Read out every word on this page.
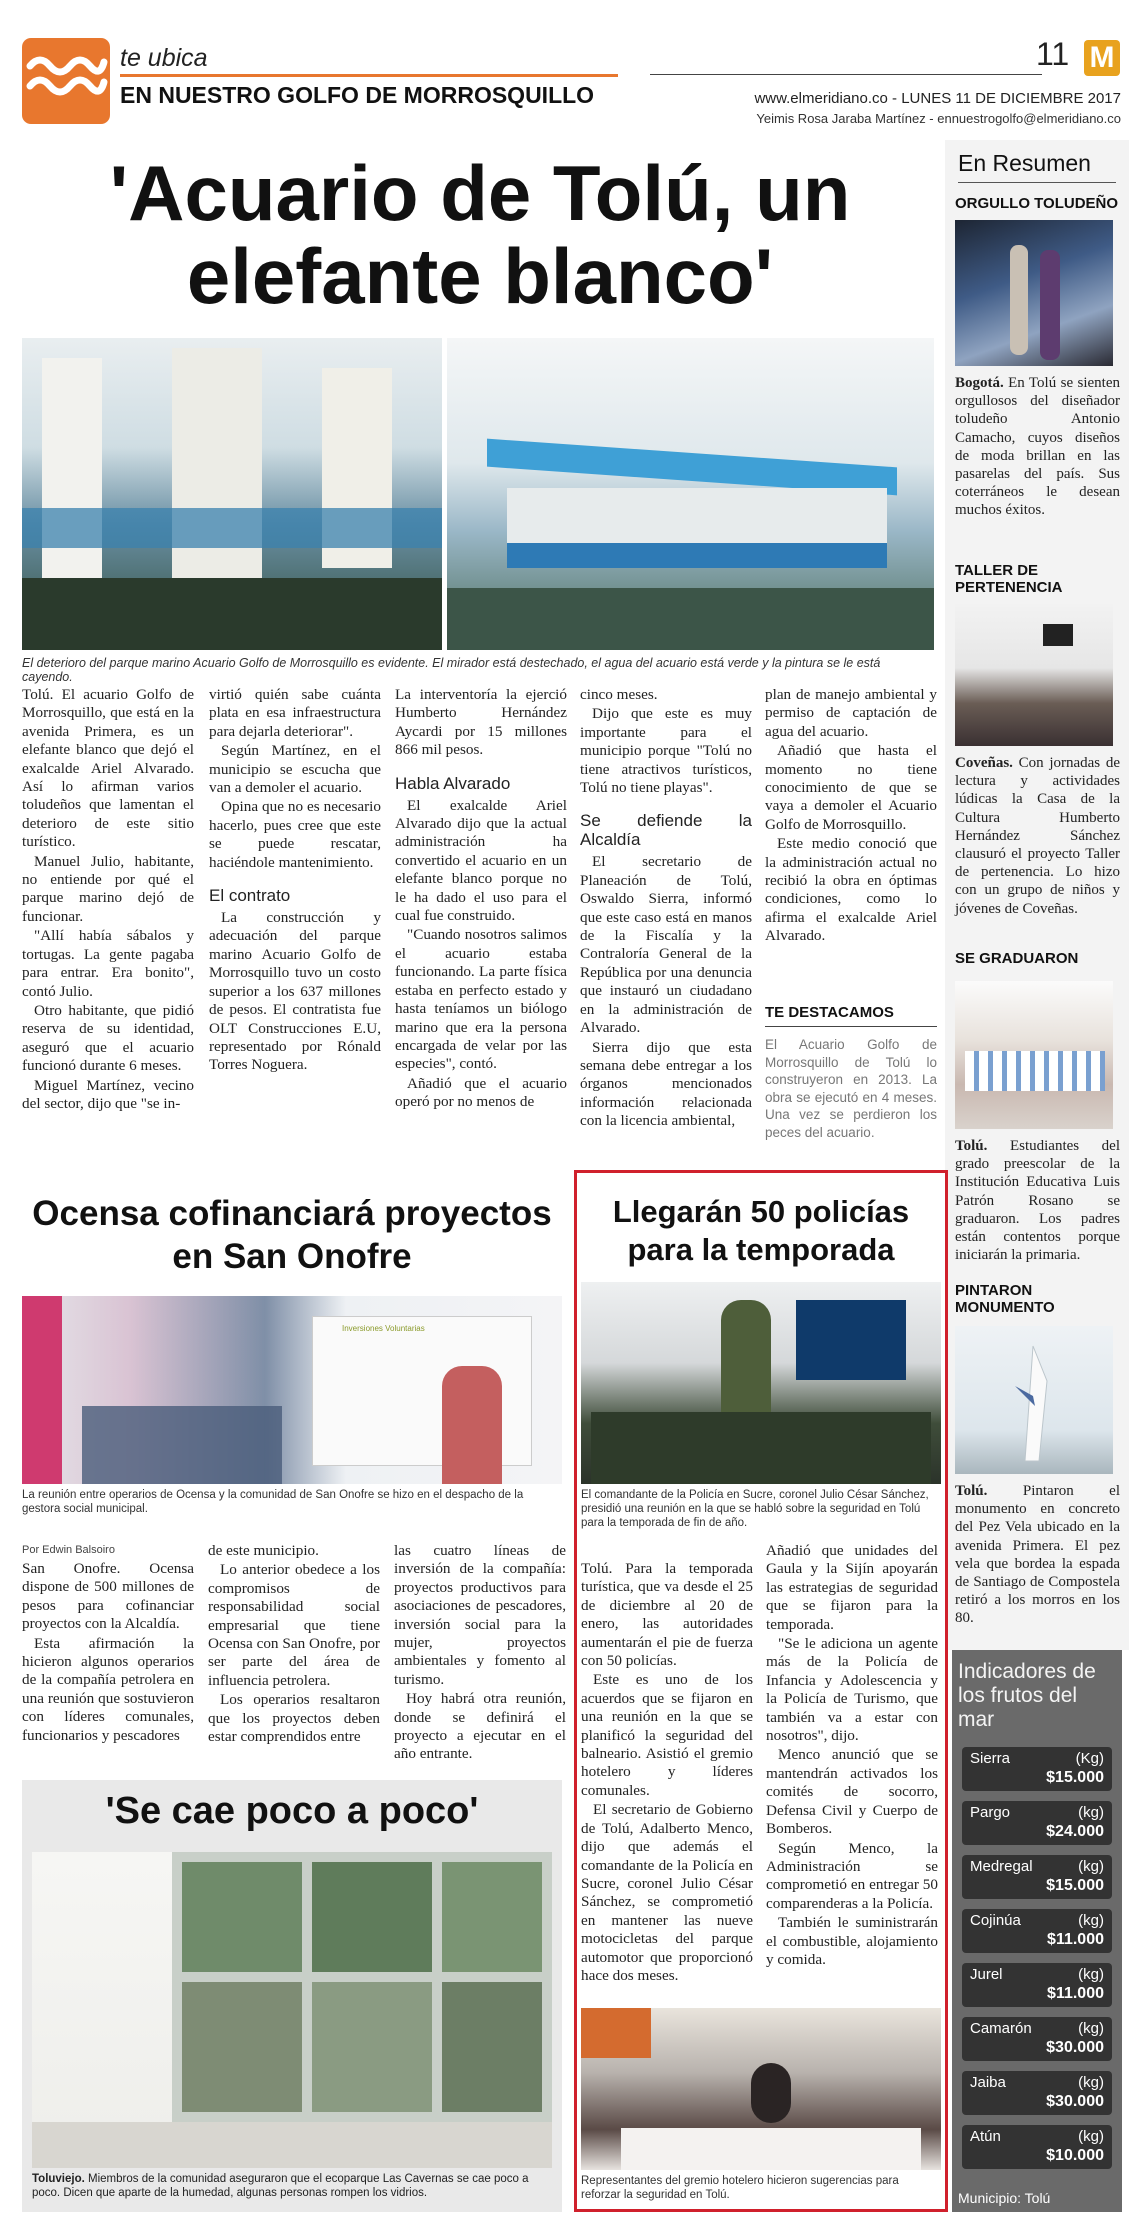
te ubica
EN NUESTRO GOLFO DE MORROSQUILLO
11 M
www.elmeridiano.co - LUNES 11 DE DICIEMBRE 2017
Yeimis Rosa Jaraba Martínez - ennuestrogolfo@elmeridiano.co
'Acuario de Tolú, un elefante blanco'
El deterioro del parque marino Acuario Golfo de Morrosquillo es evidente. El mirador está destechado, el agua del acuario está verde y la pintura se le está cayendo.

Tolú. El acuario Golfo de Morrosquillo, que está en la avenida Primera, es un elefante blanco que dejó el exalcalde Ariel Alvarado. Así lo afirman varios toludeños que lamentan el deterioro de este sitio turístico.

Manuel Julio, habitante, no entiende por qué el parque marino dejó de funcionar.

"Allí había sábalos y tortugas. La gente pagaba para entrar. Era bonito", contó Julio.

Otro habitante, que pidió reserva de su identidad, aseguró que el acuario funcionó durante 6 meses.

Miguel Martínez, vecino del sector, dijo que "se in-

virtió quién sabe cuánta plata en esa infraestructura para dejarla deteriorar".

Según Martínez, en el municipio se escucha que van a demoler el acuario.

Opina que no es necesario hacerlo, pues cree que este se puede rescatar, haciéndole mantenimiento.

El contrato

La construcción y adecuación del parque marino Acuario Golfo de Morrosquillo tuvo un costo superior a los 637 millones de pesos. El contratista fue OLT Construcciones E.U, representado por Rónald Torres Noguera.

La interventoría la ejerció Humberto Hernández Aycardi por 15 millones 866 mil pesos.

Habla Alvarado

El exalcalde Ariel Alvarado dijo que la actual administración ha convertido el acuario en un elefante blanco porque no le ha dado el uso para el cual fue construido.

"Cuando nosotros salimos el acuario estaba funcionando. La parte física estaba en perfecto estado y hasta teníamos un biólogo marino que era la persona encargada de velar por las especies", contó.

Añadió que el acuario operó por no menos de

cinco meses.

Dijo que este es muy importante para el municipio porque "Tolú no tiene atractivos turísticos, Tolú no tiene playas".

Se defiende la Alcaldía

El secretario de Planeación de Tolú, Oswaldo Sierra, informó que este caso está en manos de la Fiscalía y la Contraloría General de la República por una denuncia que instauró un ciudadano en la administración de Alvarado.

Sierra dijo que esta semana debe entregar a los órganos mencionados información relacionada con la licencia ambiental,

plan de manejo ambiental y permiso de captación de agua del acuario.

Añadió que hasta el momento no tiene conocimiento de que se vaya a demoler el Acuario Golfo de Morrosquillo.

Este medio conoció que la administración actual no recibió la obra en óptimas condiciones, como lo afirma el exalcalde Ariel Alvarado.

TE DESTACAMOS
El Acuario Golfo de Morrosquillo de Tolú lo construyeron en 2013. La obra se ejecutó en 4 meses. Una vez se perdieron los peces del acuario.
En Resumen
ORGULLO TOLUDEÑO
Bogotá. En Tolú se sienten orgullosos del diseñador toludeño Antonio Camacho, cuyos diseños de moda brillan en las pasarelas del país. Sus coterráneos le desean muchos éxitos.
TALLER DE PERTENENCIA
Coveñas. Con jornadas de lectura y actividades lúdicas la Casa de la Cultura Humberto Hernández Sánchez clausuró el proyecto Taller de pertenencia. Lo hizo con un grupo de niños y jóvenes de Coveñas.
SE GRADUARON
Tolú. Estudiantes del grado preescolar de la Institución Educativa Luis Patrón Rosano se graduaron. Los padres están contentos porque iniciarán la primaria.
PINTARON MONUMENTO
Tolú. Pintaron el monumento en concreto del Pez Vela ubicado en la avenida Primera. El pez vela que bordea la espada de Santiago de Compostela retiró a los morros en los 80.
Indicadores de los frutos del mar
Sierra	(Kg)
$15.000
Pargo	(kg)
$24.000
Medregal	(kg)
$15.000
Cojinúa	(kg)
$11.000
Jurel	(kg)
$11.000
Camarón	(kg)
$30.000
Jaiba	(kg)
$30.000
Atún	(kg)
$10.000
Municipio: Tolú
Ocensa cofinanciará proyectos en San Onofre
Inversiones Voluntarias
La reunión entre operarios de Ocensa y la comunidad de San Onofre se hizo en el despacho de la gestora social municipal.
Por Edwin Balsoiro

San Onofre. Ocensa dispone de 500 millones de pesos para cofinanciar proyectos con la Alcaldía.

Esta afirmación la hicieron algunos operarios de la compañía petrolera en una reunión que sostuvieron con líderes comunales, funcionarios y pescadores

de este municipio.

Lo anterior obedece a los compromisos de responsabilidad social empresarial que tiene Ocensa con San Onofre, por ser parte del área de influencia petrolera.

Los operarios resaltaron que los proyectos deben estar comprendidos entre

las cuatro líneas de inversión de la compañía: proyectos productivos para asociaciones de pescadores, inversión social para la mujer, proyectos ambientales y fomento al turismo.

Hoy habrá otra reunión, donde se definirá el proyecto a ejecutar en el año entrante.

'Se cae poco a poco'
Toluviejo. Miembros de la comunidad aseguraron que el ecoparque Las Cavernas se cae poco a poco. Dicen que aparte de la humedad, algunas personas rompen los vidrios.
Llegarán 50 policías para la temporada
El comandante de la Policía en Sucre, coronel Julio César Sánchez, presidió una reunión en la que se habló sobre la seguridad en Tolú para la temporada de fin de año.

Tolú. Para la temporada turística, que va desde el 25 de diciembre al 20 de enero, las autoridades aumentarán el pie de fuerza con 50 policías.

Este es uno de los acuerdos que se fijaron en una reunión en la que se planificó la seguridad del balneario. Asistió el gremio hotelero y líderes comunales.

El secretario de Gobierno de Tolú, Adalberto Menco, dijo que además el comandante de la Policía en Sucre, coronel Julio César Sánchez, se comprometió en mantener las nueve motocicletas del parque automotor que proporcionó hace dos meses.

Añadió que unidades del Gaula y la Sijín apoyarán las estrategias de seguridad que se fijaron para la temporada.

"Se le adiciona un agente más de la Policía de Infancia y Adolescencia y la Policía de Turismo, que también va a estar con nosotros", dijo.

Menco anunció que se mantendrán activados los comités de socorro, Defensa Civil y Cuerpo de Bomberos.

Según Menco, la Administración se comprometió en entregar 50 comparenderas a la Policía.

También le suministrarán el combustible, alojamiento y comida.

Representantes del gremio hotelero hicieron sugerencias para reforzar la seguridad en Tolú.
